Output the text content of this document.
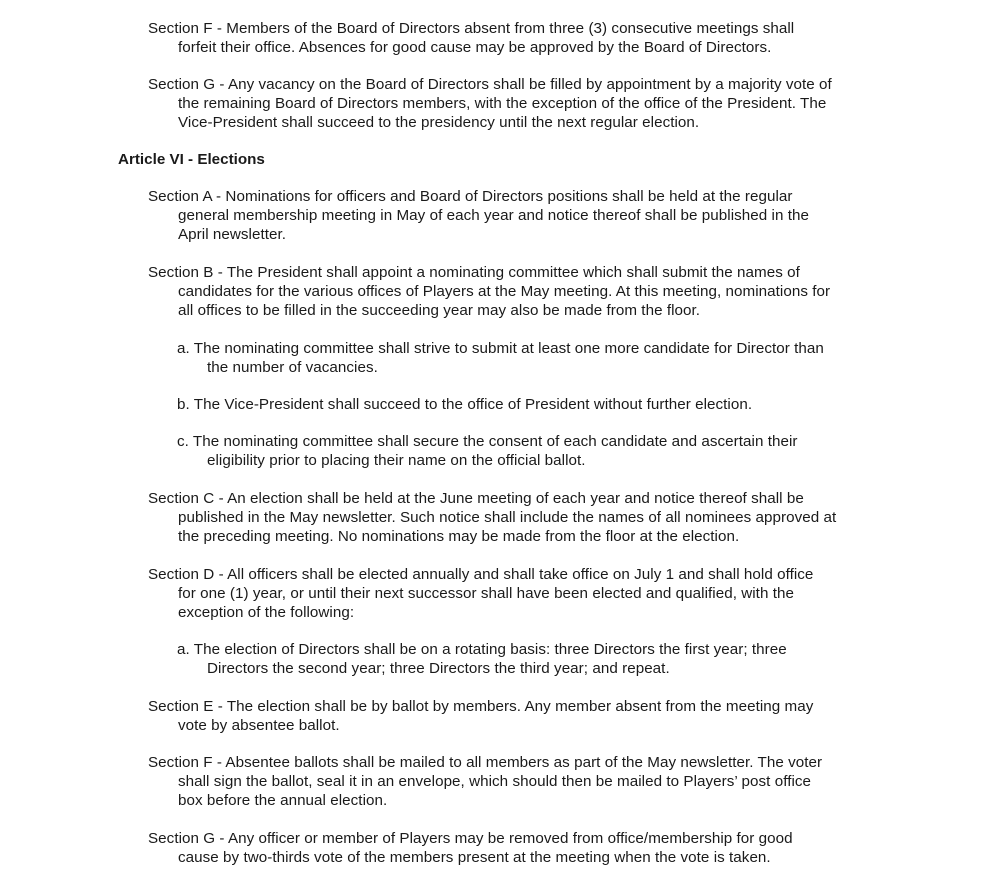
Section F - Members of the Board of Directors absent from three (3) consecutive meetings shall
forfeit their office. Absences for good cause may be approved by the Board of Directors.
Section G - Any vacancy on the Board of Directors shall be filled by appointment by a majority vote of
the remaining Board of Directors members, with the exception of the office of the President. The
Vice-President shall succeed to the presidency until the next regular election.
Article VI - Elections
Section A - Nominations for officers and Board of Directors positions shall be held at the regular
general membership meeting in May of each year and notice thereof shall be published in the
April newsletter.
Section B - The President shall appoint a nominating committee which shall submit the names of
candidates for the various offices of Players at the May meeting. At this meeting, nominations for
all offices to be filled in the succeeding year may also be made from the floor.
a. The nominating committee shall strive to submit at least one more candidate for Director than
the number of vacancies.
b. The Vice-President shall succeed to the office of President without further election.
c. The nominating committee shall secure the consent of each candidate and ascertain their
eligibility prior to placing their name on the official ballot.
Section C - An election shall be held at the June meeting of each year and notice thereof shall be
published in the May newsletter. Such notice shall include the names of all nominees approved at
the preceding meeting. No nominations may be made from the floor at the election.
Section D - All officers shall be elected annually and shall take office on July 1 and shall hold office
for one (1) year, or until their next successor shall have been elected and qualified, with the
exception of the following:
a. The election of Directors shall be on a rotating basis: three Directors the first year; three
Directors the second year; three Directors the third year; and repeat.
Section E - The election shall be by ballot by members. Any member absent from the meeting may
vote by absentee ballot.
Section F - Absentee ballots shall be mailed to all members as part of the May newsletter. The voter
shall sign the ballot, seal it in an envelope, which should then be mailed to Players’ post office
box before the annual election.
Section G - Any officer or member of Players may be removed from office/membership for good
cause by two-thirds vote of the members present at the meeting when the vote is taken.
